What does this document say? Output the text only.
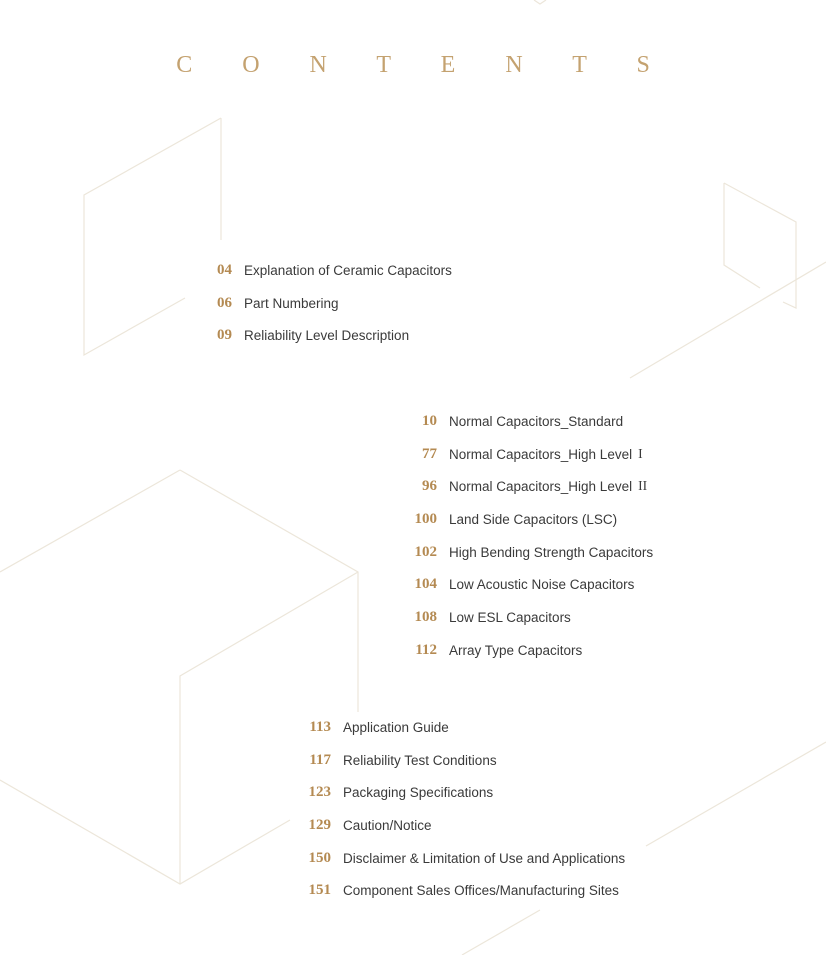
C O N T E N T S
04 Explanation of Ceramic Capacitors
06 Part Numbering
09 Reliability Level Description
10 Normal Capacitors_Standard
77 Normal Capacitors_High Level I
96 Normal Capacitors_High Level II
100 Land Side Capacitors (LSC)
102 High Bending Strength Capacitors
104 Low Acoustic Noise Capacitors
108 Low ESL Capacitors
112 Array Type Capacitors
113 Application Guide
117 Reliability Test Conditions
123 Packaging Specifications
129 Caution/Notice
150 Disclaimer & Limitation of Use and Applications
151 Component Sales Offices/Manufacturing Sites
